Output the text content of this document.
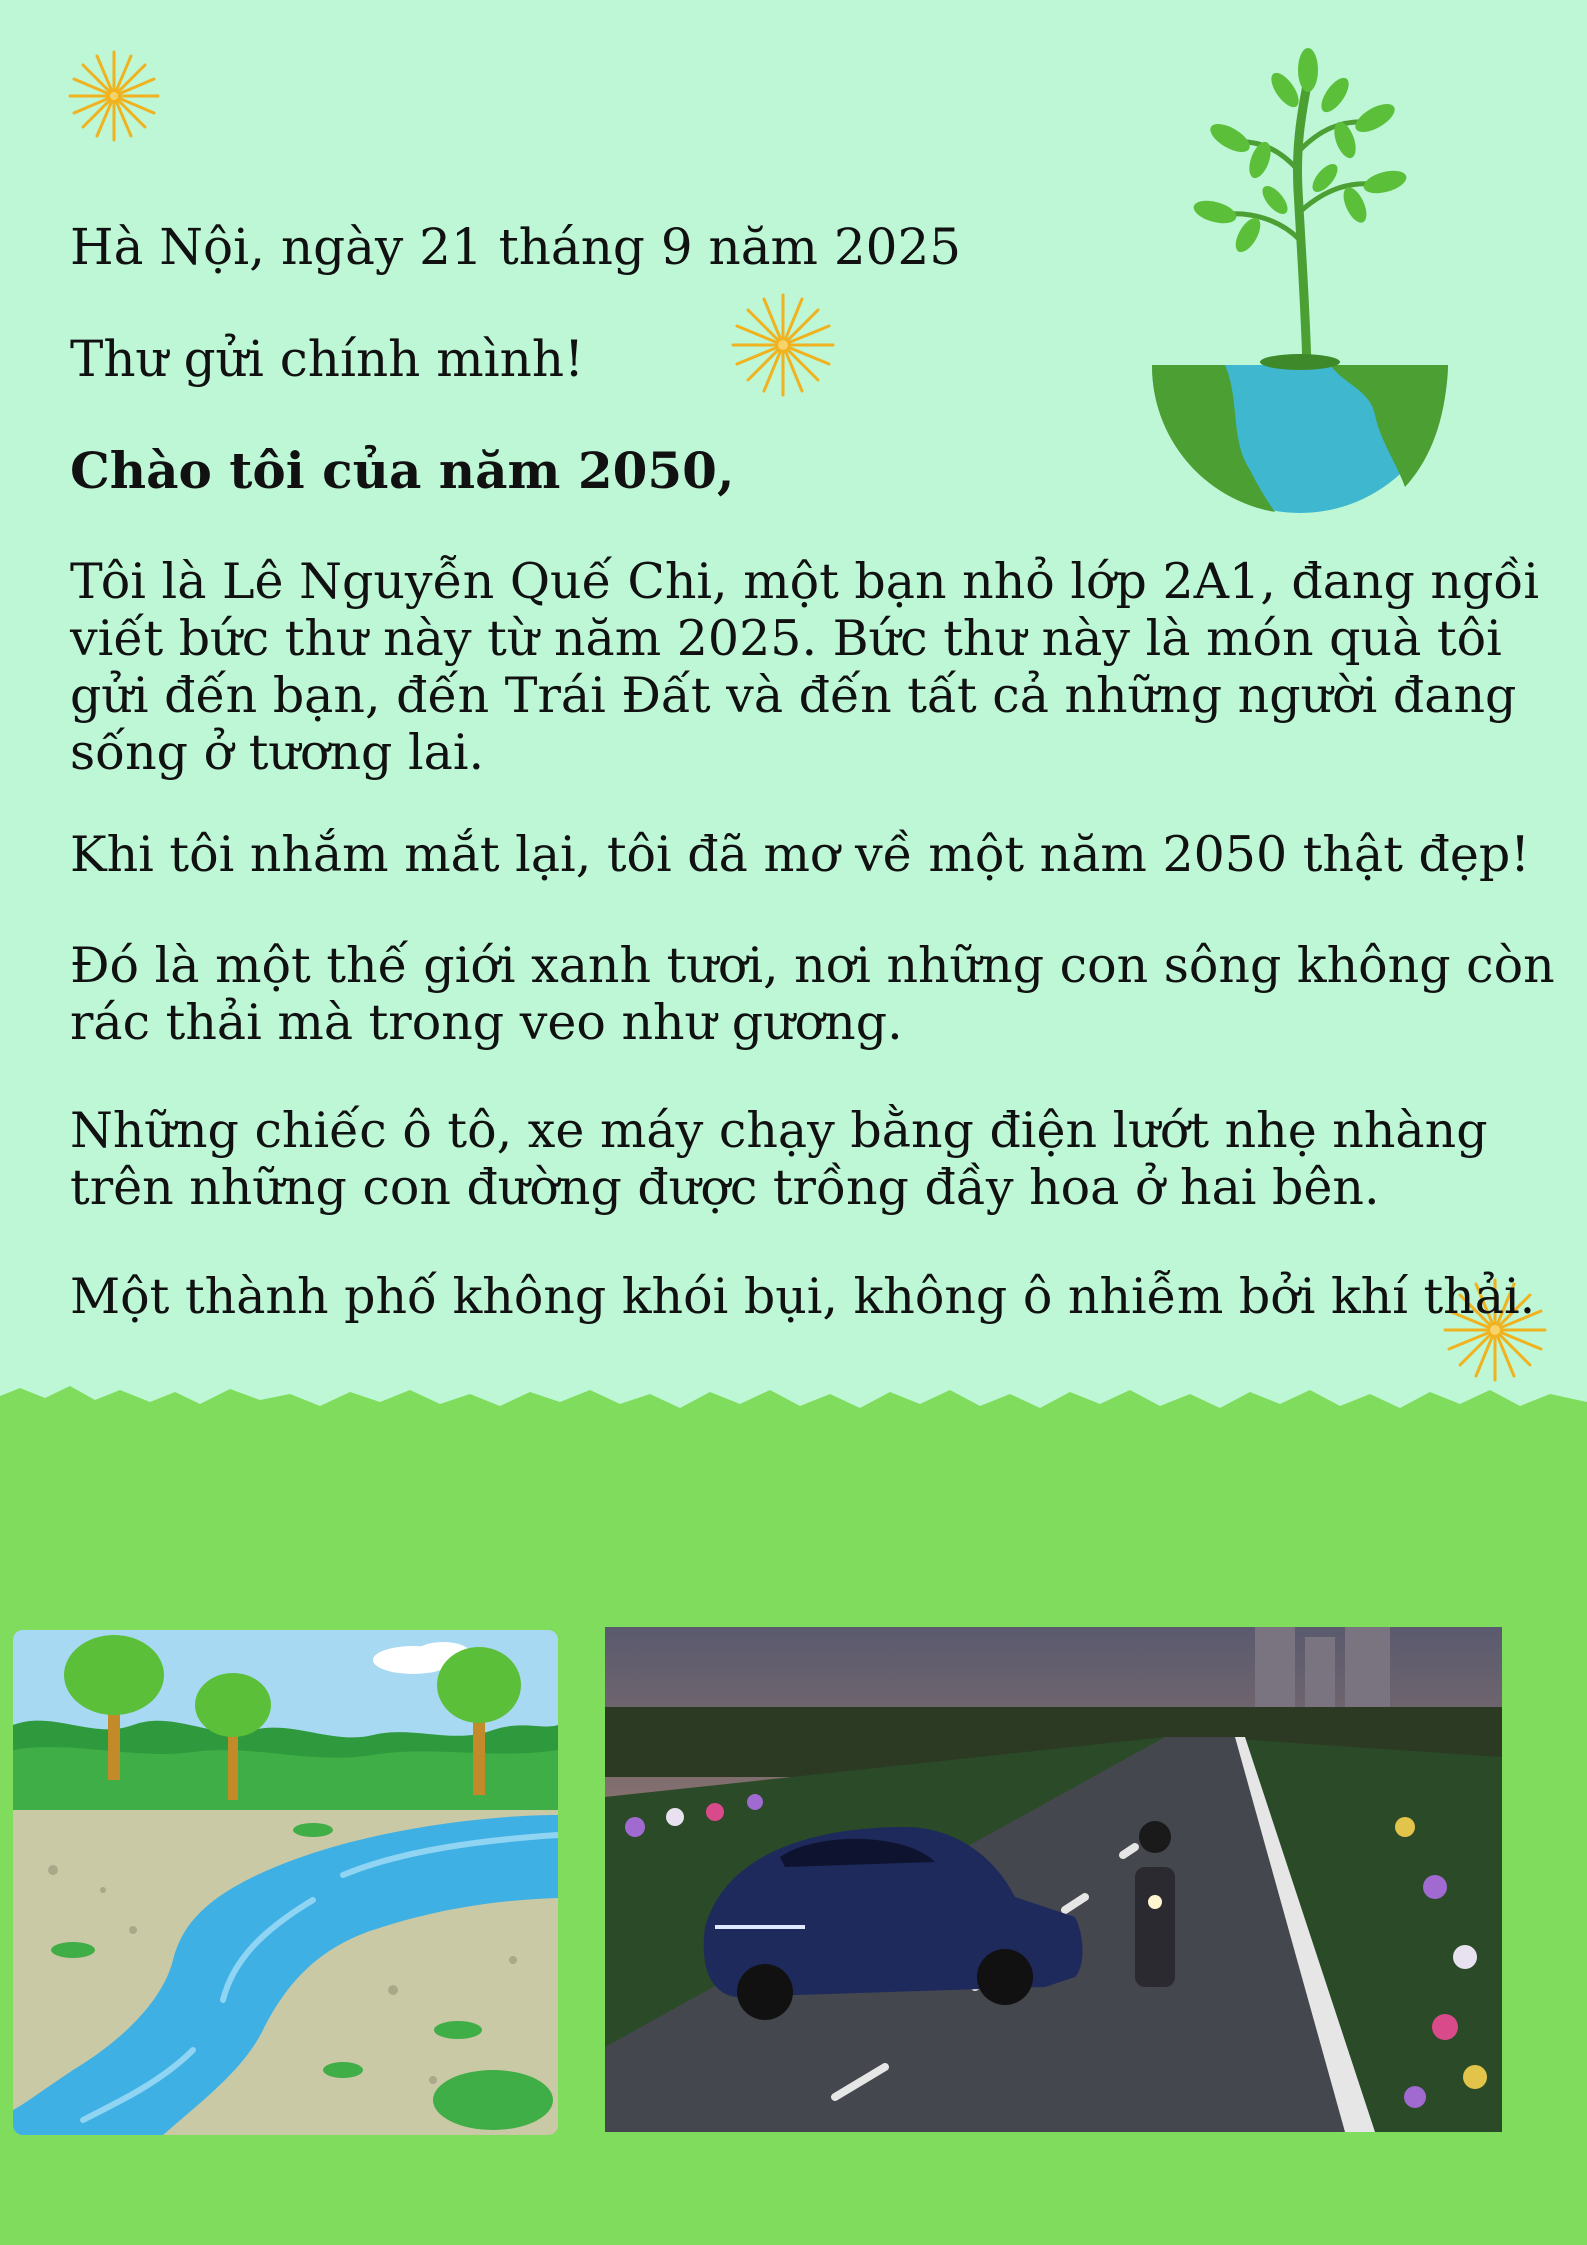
Hà Nội, ngày 21 tháng 9 năm 2025
Thư gửi chính mình!
Chào tôi của năm 2050,

Tôi là Lê Nguyễn Quế Chi, một bạn nhỏ lớp 2A1, đang ngồi

viết bức thư này từ năm 2025. Bức thư này là món quà tôi

gửi đến bạn, đến Trái Đất và đến tất cả những người đang

sống ở tương lai.

Khi tôi nhắm mắt lại, tôi đã mơ về một năm 2050 thật đẹp!

Đó là một thế giới xanh tươi, nơi những con sông không còn

rác thải mà trong veo như gương.

Những chiếc ô tô, xe máy chạy bằng điện lướt nhẹ nhàng

trên những con đường được trồng đầy hoa ở hai bên.

Một thành phố không khói bụi, không ô nhiễm bởi khí thải.
